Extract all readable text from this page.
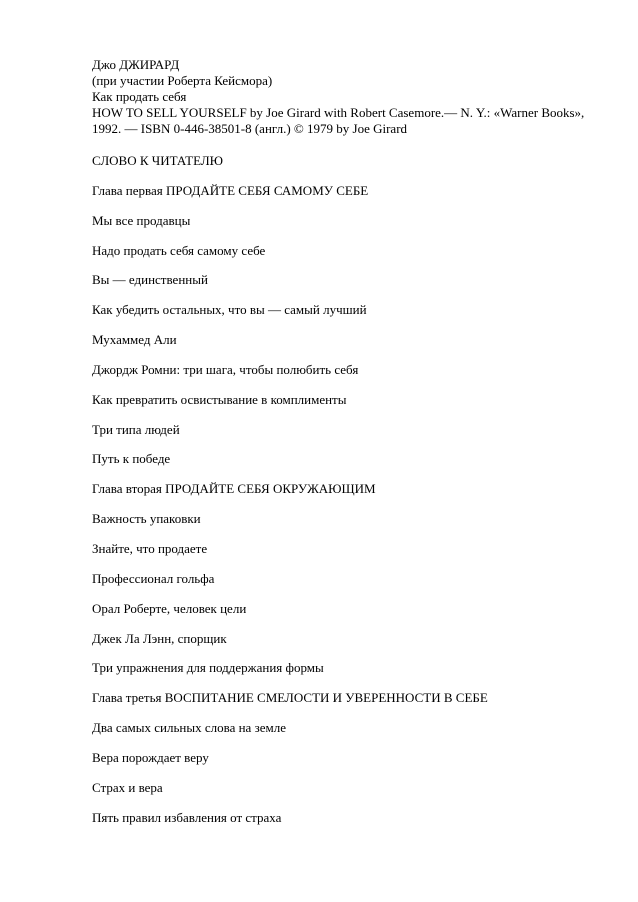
Джо ДЖИРАРД
(при участии Роберта Кейсмора)
Как продать себя
HOW TO SELL YOURSELF by Joe Girard with Robert Casemore.— N. Y.: «Warner Books»,
1992. — ISBN 0-446-38501-8 (англ.) © 1979 by Joe Girard
СЛОВО К ЧИТАТЕЛЮ
Глава первая ПРОДАЙТЕ СЕБЯ САМОМУ СЕБЕ
Мы все продавцы
Надо продать себя самому себе
Вы — единственный
Как убедить остальных, что вы — самый лучший
Мухаммед Али
Джордж Ромни: три шага, чтобы полюбить себя
Как превратить освистывание в комплименты
Три типа людей
Путь к победе
Глава вторая ПРОДАЙТЕ СЕБЯ ОКРУЖАЮЩИМ
Важность упаковки
Знайте, что продаете
Профессионал гольфа
Орал Роберте, человек цели
Джек Ла Лэнн, спорщик
Три упражнения для поддержания формы
Глава третья ВОСПИТАНИЕ СМЕЛОСТИ И УВЕРЕННОСТИ В СЕБЕ
Два самых сильных слова на земле
Вера порождает веру
Страх и вера
Пять правил избавления от страха
